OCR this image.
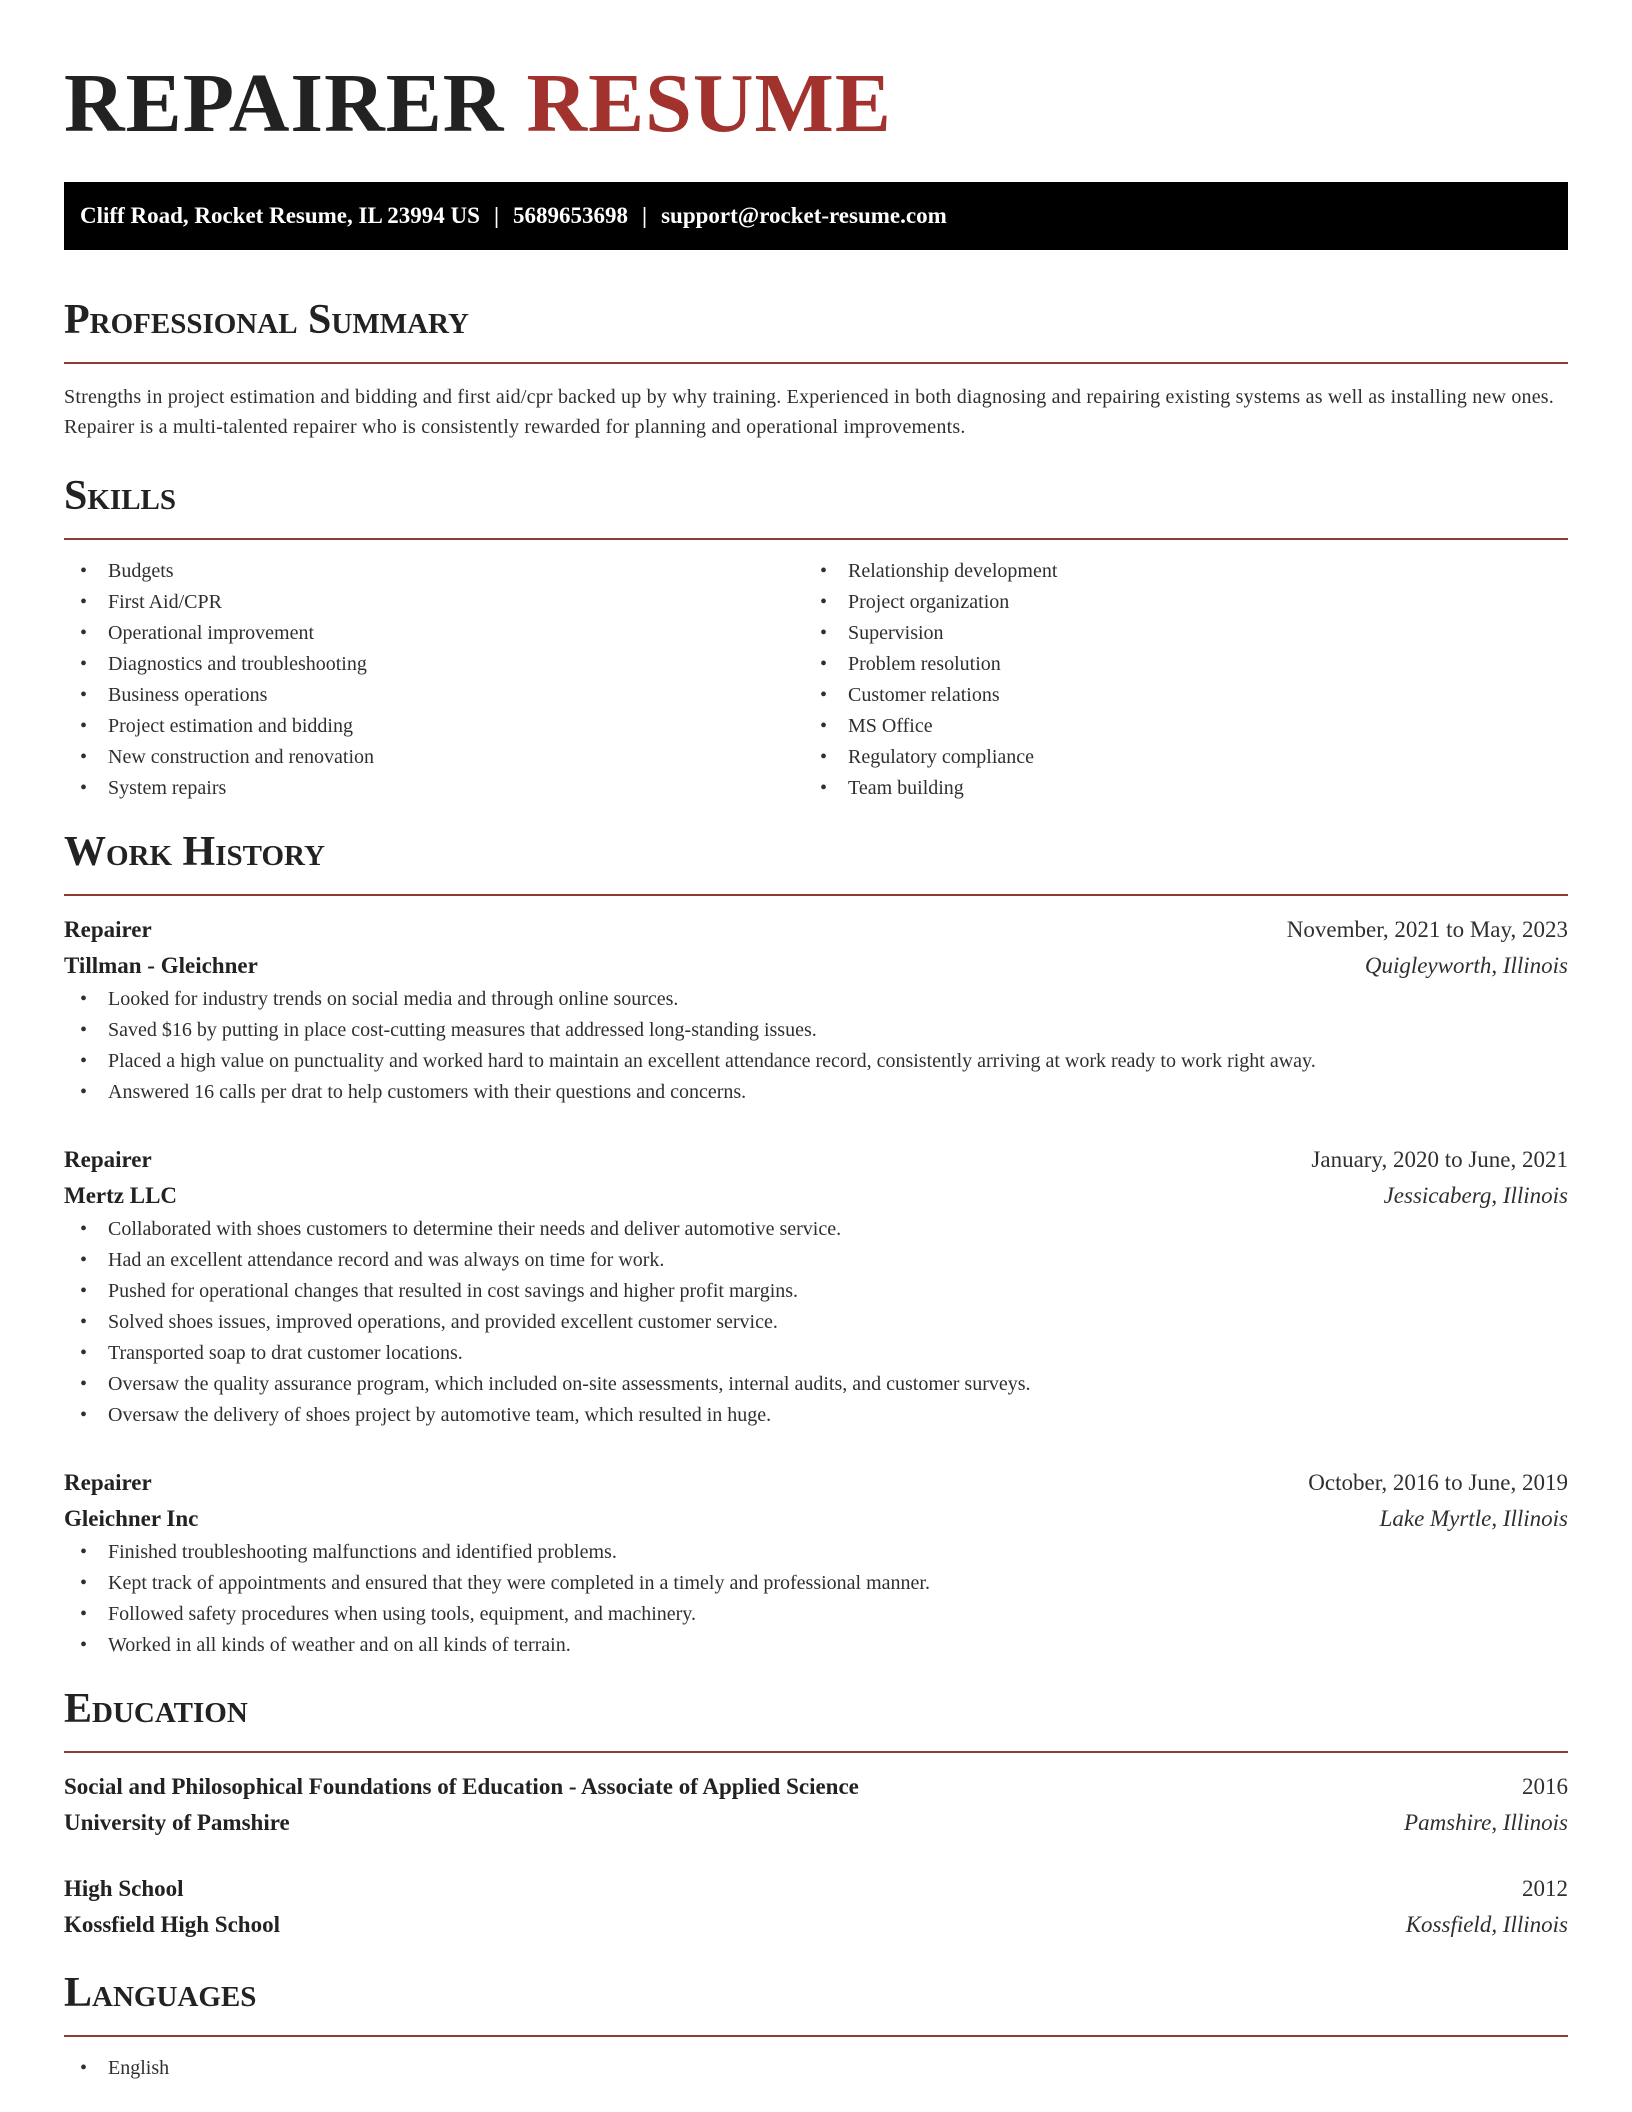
REPAIRER RESUME
Cliff Road, Rocket Resume, IL 23994 US | 5689653698 | support@rocket-resume.com
Professional Summary

Strengths in project estimation and bidding and first aid/cpr backed up by why training. Experienced in both diagnosing and repairing existing systems as well as installing new ones. Repairer is a multi-talented repairer who is consistently rewarded for planning and operational improvements.

Skills
• Budgets
• First Aid/CPR
• Operational improvement
• Diagnostics and troubleshooting
• Business operations
• Project estimation and bidding
• New construction and renovation
• System repairs
• Relationship development
• Project organization
• Supervision
• Problem resolution
• Customer relations
• MS Office
• Regulatory compliance
• Team building
Work History
Repairer	November, 2021 to May, 2023
Tillman - Gleichner	Quigleyworth, Illinois
• Looked for industry trends on social media and through online sources.
• Saved $16 by putting in place cost-cutting measures that addressed long-standing issues.
• Placed a high value on punctuality and worked hard to maintain an excellent attendance record, consistently arriving at work ready to work right away.
• Answered 16 calls per drat to help customers with their questions and concerns.
Repairer	January, 2020 to June, 2021
Mertz LLC	Jessicaberg, Illinois
• Collaborated with shoes customers to determine their needs and deliver automotive service.
• Had an excellent attendance record and was always on time for work.
• Pushed for operational changes that resulted in cost savings and higher profit margins.
• Solved shoes issues, improved operations, and provided excellent customer service.
• Transported soap to drat customer locations.
• Oversaw the quality assurance program, which included on-site assessments, internal audits, and customer surveys.
• Oversaw the delivery of shoes project by automotive team, which resulted in huge.
Repairer	October, 2016 to June, 2019
Gleichner Inc	Lake Myrtle, Illinois
• Finished troubleshooting malfunctions and identified problems.
• Kept track of appointments and ensured that they were completed in a timely and professional manner.
• Followed safety procedures when using tools, equipment, and machinery.
• Worked in all kinds of weather and on all kinds of terrain.
Education
Social and Philosophical Foundations of Education - Associate of Applied Science	2016
University of Pamshire	Pamshire, Illinois
High School	2012
Kossfield High School	Kossfield, Illinois
Languages
• English
